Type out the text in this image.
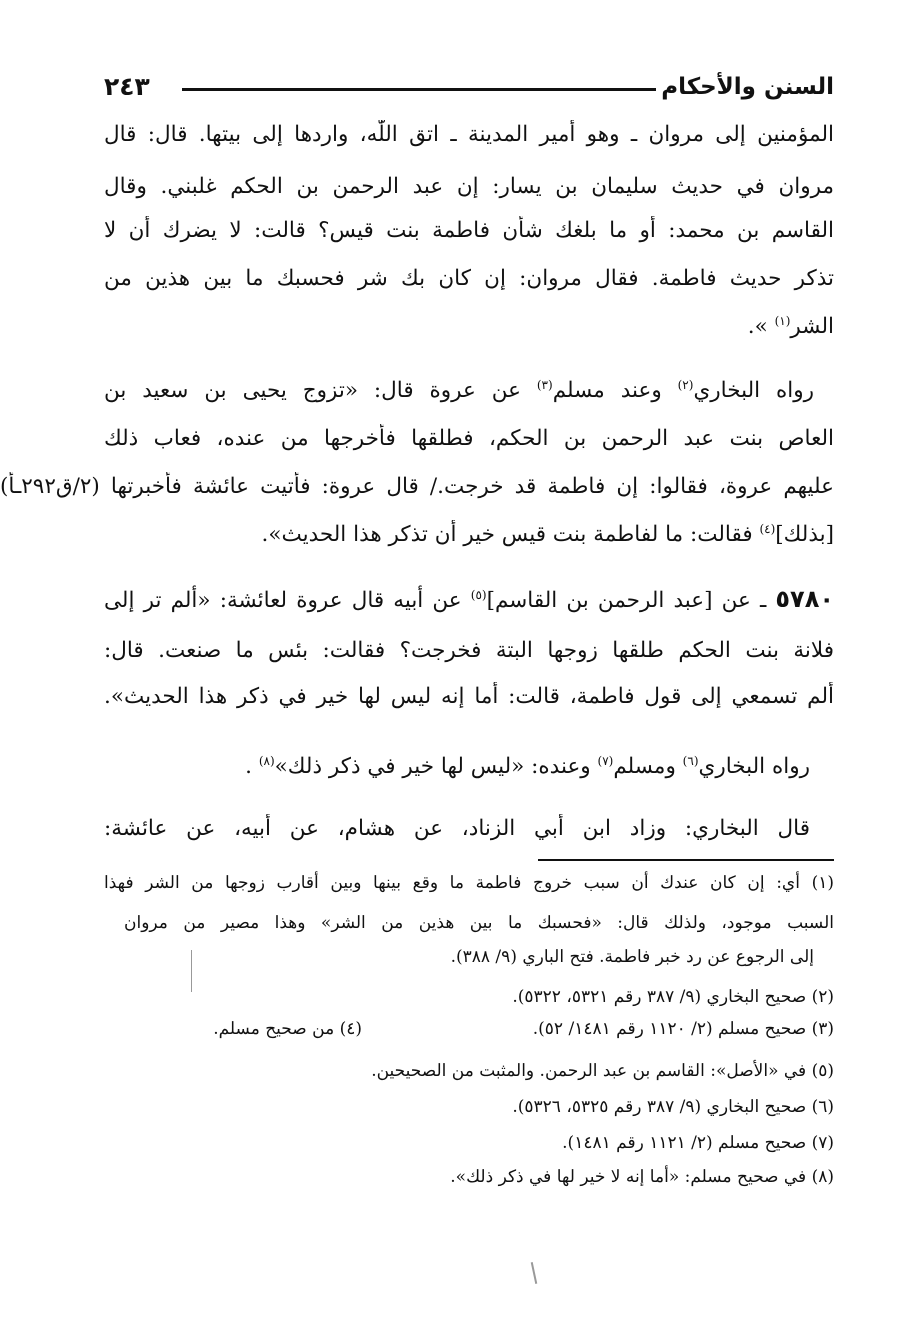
السنن والأحكام
٢٤٣
المؤمنين إلى مروان ـ وهو أمير المدينة ـ اتق اللّٰه، واردها إلى بيتها. قال: قال
مروان في حديث سليمان بن يسار: إن عبد الرحمن بن الحكم غلبني. وقال
القاسم بن محمد: أو ما بلغك شأن فاطمة بنت قيس؟ قالت: لا يضرك أن لا
تذكر حديث فاطمة. فقال مروان: إن كان بك شر فحسبك ما بين هذين من
الشر$^{(١)}$ ».
رواه البخاري$^{(٢)}$ وعند مسلم$^{(٣)}$ عن عروة قال: «تزوج يحيى بن سعيد بن
العاص بنت عبد الرحمن بن الحكم، فطلقها فأخرجها من عنده، فعاب ذلك
عليهم عروة، فقالوا: إن فاطمة قد خرجت./ قال عروة: فأتيت عائشة فأخبرتها (٢/ق٢٩٢ـأ)
[بذلك]$^{(٤)}$ فقالت: ما لفاطمة بنت قيس خير أن تذكر هذا الحديث».
٥٧٨٠ ـ عن [عبد الرحمن بن القاسم]$^{(٥)}$ عن أبيه قال عروة لعائشة: «ألم تر إلى
فلانة بنت الحكم طلقها زوجها البتة فخرجت؟ فقالت: بئس ما صنعت. قال:
ألم تسمعي إلى قول فاطمة، قالت: أما إنه ليس لها خير في ذكر هذا الحديث».
رواه البخاري$^{(٦)}$ ومسلم$^{(٧)}$ وعنده: «ليس لها خير في ذكر ذلك»$^{(٨)}$ .
قال البخاري: وزاد ابن أبي الزناد، عن هشام، عن أبيه، عن عائشة:
(١) أي: إن كان عندك أن سبب خروج فاطمة ما وقع بينها وبين أقارب زوجها من الشر فهذا
السبب موجود، ولذلك قال: «فحسبك ما بين هذين من الشر» وهذا مصير من مروان
إلى الرجوع عن رد خبر فاطمة. فتح الباري (٩/ ٣٨٨).
(٢) صحيح البخاري (٩/ ٣٨٧ رقم ٥٣٢١، ٥٣٢٢).
(٣) صحيح مسلم (٢/ ١١٢٠ رقم ١٤٨١/ ٥٢).
(٤) من صحيح مسلم.
(٥) في «الأصل»: القاسم بن عبد الرحمن. والمثبت من الصحيحين.
(٦) صحيح البخاري (٩/ ٣٨٧ رقم ٥٣٢٥، ٥٣٢٦).
(٧) صحيح مسلم (٢/ ١١٢١ رقم ١٤٨١).
(٨) في صحيح مسلم: «أما إنه لا خير لها في ذكر ذلك».
